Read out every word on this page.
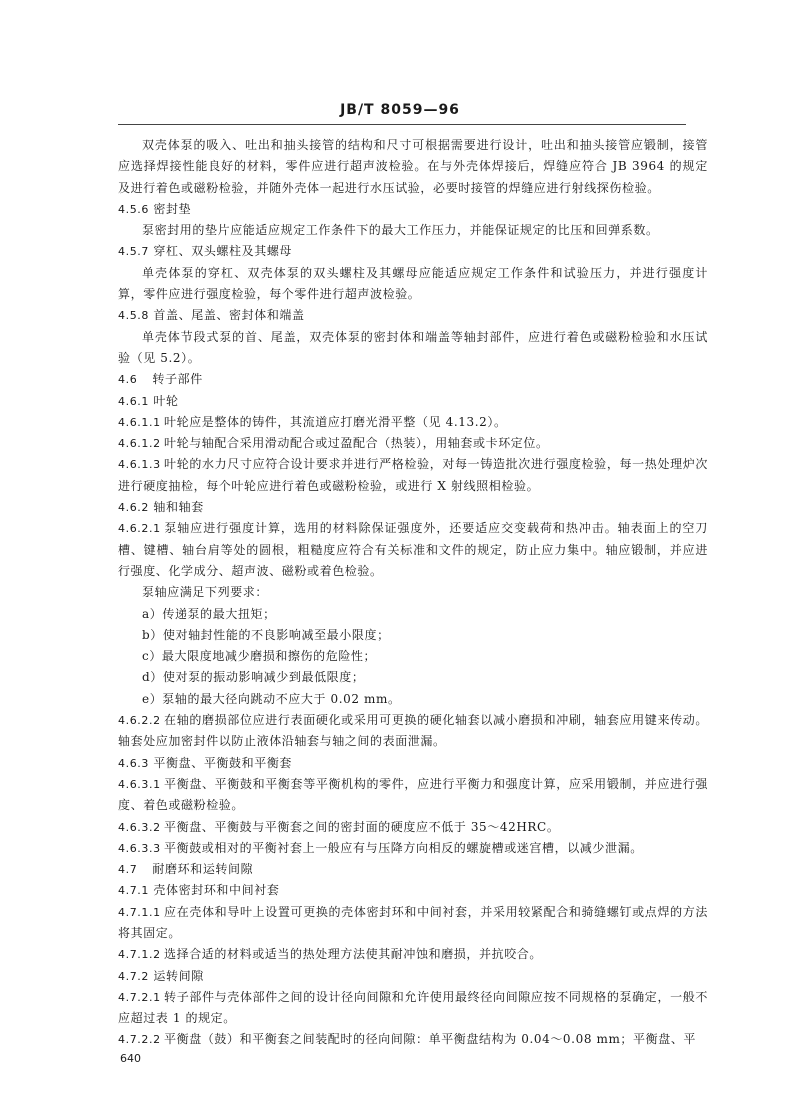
JB/T 8059—96

双壳体泵的吸入、吐出和抽头接管的结构和尺寸可根据需要进行设计，吐出和抽头接管应锻制，接管应选择焊接性能良好的材料，零件应进行超声波检验。在与外壳体焊接后，焊缝应符合 JB 3964 的规定及进行着色或磁粉检验，并随外壳体一起进行水压试验，必要时接管的焊缝应进行射线探伤检验。

4.5.6 密封垫

泵密封用的垫片应能适应规定工作条件下的最大工作压力，并能保证规定的比压和回弹系数。

4.5.7 穿杠、双头螺柱及其螺母

单壳体泵的穿杠、双壳体泵的双头螺柱及其螺母应能适应规定工作条件和试验压力，并进行强度计算，零件应进行强度检验，每个零件进行超声波检验。

4.5.8 首盖、尾盖、密封体和端盖

单壳体节段式泵的首、尾盖，双壳体泵的密封体和端盖等轴封部件，应进行着色或磁粉检验和水压试验（见 5.2）。

4.6 转子部件

4.6.1 叶轮

4.6.1.1 叶轮应是整体的铸件，其流道应打磨光滑平整（见 4.13.2）。

4.6.1.2 叶轮与轴配合采用滑动配合或过盈配合（热装），用轴套或卡环定位。

4.6.1.3 叶轮的水力尺寸应符合设计要求并进行严格检验，对每一铸造批次进行强度检验，每一热处理炉次进行硬度抽检，每个叶轮应进行着色或磁粉检验，或进行 X 射线照相检验。

4.6.2 轴和轴套

4.6.2.1 泵轴应进行强度计算，选用的材料除保证强度外，还要适应交变载荷和热冲击。轴表面上的空刀槽、键槽、轴台肩等处的圆根，粗糙度应符合有关标准和文件的规定，防止应力集中。轴应锻制，并应进行强度、化学成分、超声波、磁粉或着色检验。

泵轴应满足下列要求：

a）传递泵的最大扭矩；

b）使对轴封性能的不良影响减至最小限度；

c）最大限度地减少磨损和擦伤的危险性；

d）使对泵的振动影响减少到最低限度；

e）泵轴的最大径向跳动不应大于 0.02 mm。

4.6.2.2 在轴的磨损部位应进行表面硬化或采用可更换的硬化轴套以减小磨损和冲刷，轴套应用键来传动。轴套处应加密封件以防止液体沿轴套与轴之间的表面泄漏。

4.6.3 平衡盘、平衡鼓和平衡套

4.6.3.1 平衡盘、平衡鼓和平衡套等平衡机构的零件，应进行平衡力和强度计算，应采用锻制，并应进行强度、着色或磁粉检验。

4.6.3.2 平衡盘、平衡鼓与平衡套之间的密封面的硬度应不低于 35～42HRC。

4.6.3.3 平衡鼓或相对的平衡衬套上一般应有与压降方向相反的螺旋槽或迷宫槽，以减少泄漏。

4.7 耐磨环和运转间隙

4.7.1 壳体密封环和中间衬套

4.7.1.1 应在壳体和导叶上设置可更换的壳体密封环和中间衬套，并采用较紧配合和骑缝螺钉或点焊的方法将其固定。

4.7.1.2 选择合适的材料或适当的热处理方法使其耐冲蚀和磨损，并抗咬合。

4.7.2 运转间隙

4.7.2.1 转子部件与壳体部件之间的设计径向间隙和允许使用最终径向间隙应按不同规格的泵确定，一般不应超过表 1 的规定。

4.7.2.2 平衡盘（鼓）和平衡套之间装配时的径向间隙：单平衡盘结构为 0.04～0.08 mm；平衡盘、平

640
